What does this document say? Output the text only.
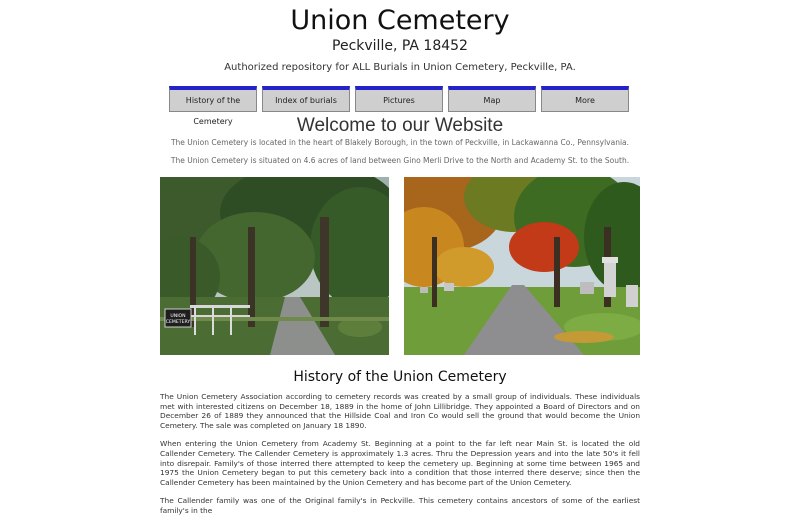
Union Cemetery
Peckville, PA 18452
Authorized repository for ALL Burials in Union Cemetery, Peckville, PA.
History of the Cemetery
Index of burials	Pictures	Map	More
Welcome to our Website
The Union Cemetery is located in the heart of Blakely Borough, in the town of Peckville, in Lackawanna Co., Pennsylvania.
The Union Cemetery is situated on 4.6 acres of land between Gino Merli Drive to the North and Academy St. to the South.
UNION
CEMETERY
History of the Union Cemetery

The Union Cemetery Association according to cemetery records was created by a small group of individuals. These individuals met with interested citizens on December 18, 1889 in the home of John Lillibridge. They appointed a Board of Directors and on December 26 of 1889 they announced that the Hillside Coal and Iron Co would sell the ground that would become the Union Cemetery. The sale was completed on January 18 1890.

When entering the Union Cemetery from Academy St. Beginning at a point to the far left near Main St. is located the old Callender Cemetery. The Callender Cemetery is approximately 1.3 acres. Thru the Depression years and into the late 50's it fell into disrepair. Family's of those interred there attempted to keep the cemetery up. Beginning at some time between 1965 and 1975 the Union Cemetery began to put this cemetery back into a condition that those interred there deserve; since then the Callender Cemetery has been maintained by the Union Cemetery and has become part of the Union Cemetery.

The Callender family was one of the Original family's in Peckville. This cemetery contains ancestors of some of the earliest family's in the
